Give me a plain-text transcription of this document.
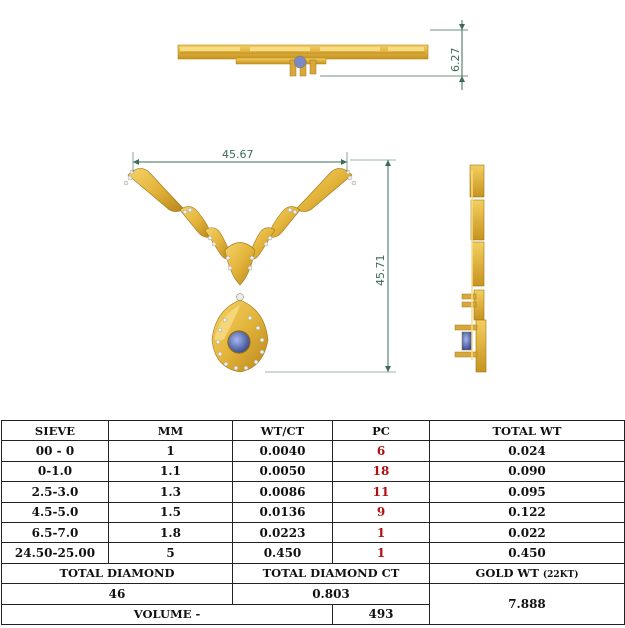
6.27
45.67
45.71
SIEVE	MM	WT/CT	PC	TOTAL WT
00 - 0	1	0.0040	6	0.024
0-1.0	1.1	0.0050	18	0.090
2.5-3.0	1.3	0.0086	11	0.095
4.5-5.0	1.5	0.0136	9	0.122
6.5-7.0	1.8	0.0223	1	0.022
24.50-25.00	5	0.450	1	0.450
TOTAL DIAMOND		TOTAL DIAMOND CT		GOLD WT (22KT)
46		0.803		7.888
VOLUME -			493	
